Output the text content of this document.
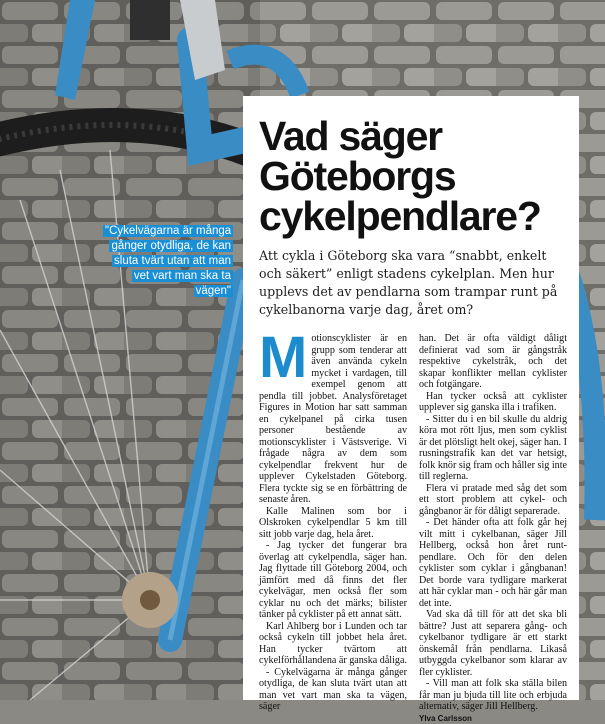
Vad säger
Göteborgs
cykelpendlare?

Att cykla i Göteborg ska vara “snabbt, enkelt och säkert” enligt stadens cykelplan. Men hur upplevs det av pendlarna som trampar runt på cykelbanorna varje dag, året om?

Motionscyklister är en grupp som tenderar att även använda cykeln mycket i vardagen, till exempel genom att pendla till jobbet. Analysföretaget Figures in Motion har satt samman en cykelpanel på cirka tusen personer bestående av motionscyklister i Västsverige. Vi frågade några av dem som cykelpendlar frekvent hur de upplever Cykelstaden Göteborg. Flera tyckte sig se en förbättring de senaste åren.

Kalle Malinen som bor i Olskroken cykelpendlar 5 km till sitt jobb varje dag, hela året.

- Jag tycker det fungerar bra överlag att cykelpendla, säger han. Jag flyttade till Göteborg 2004, och jämfört med då finns det fler cykelvägar, men också fler som cyklar nu och det märks; bilister tänker på cyklister på ett annat sätt.

Karl Ahlberg bor i Lunden och tar också cykeln till jobbet hela året. Han tycker tvärtom att cykelförhållandena är ganska dåliga.

- Cykelvägarna är många gånger otydliga, de kan sluta tvärt utan att man vet vart man ska ta vägen, säger

han. Det är ofta väldigt dåligt definierat vad som är gångstråk respektive cykelstråk, och det skapar konflikter mellan cyklister och fotgängare.

Han tycker också att cyklister upplever sig ganska illa i trafiken.

- Sitter du i en bil skulle du aldrig köra mot rött ljus, men som cyklist är det plötsligt helt okej, säger han. I rusningstrafik kan det var hetsigt, folk knör sig fram och håller sig inte till reglerna.

Flera vi pratade med såg det som ett stort problem att cykel- och gångbanor är för dåligt separerade.

- Det händer ofta att folk går hej vilt mitt i cykelbanan, säger Jill Hellberg, också hon året runt-pendlare. Och för den delen cyklister som cyklar i gångbanan! Det borde vara tydligare markerat att här cyklar man - och här går man det inte.

Vad ska då till för att det ska bli bättre? Just att separera gång- och cykelbanor tydligare är ett starkt önskemål från pendlarna. Likaså utbyggda cykelbanor som klarar av fler cyklister.

- Vill man att folk ska ställa bilen får man ju bjuda till lite och erbjuda alternativ, säger Jill Hellberg.

Ylva Carlsson

"Cykelvägarna är många gånger otydliga, de kan sluta tvärt utan att man vet vart man ska ta vägen"
